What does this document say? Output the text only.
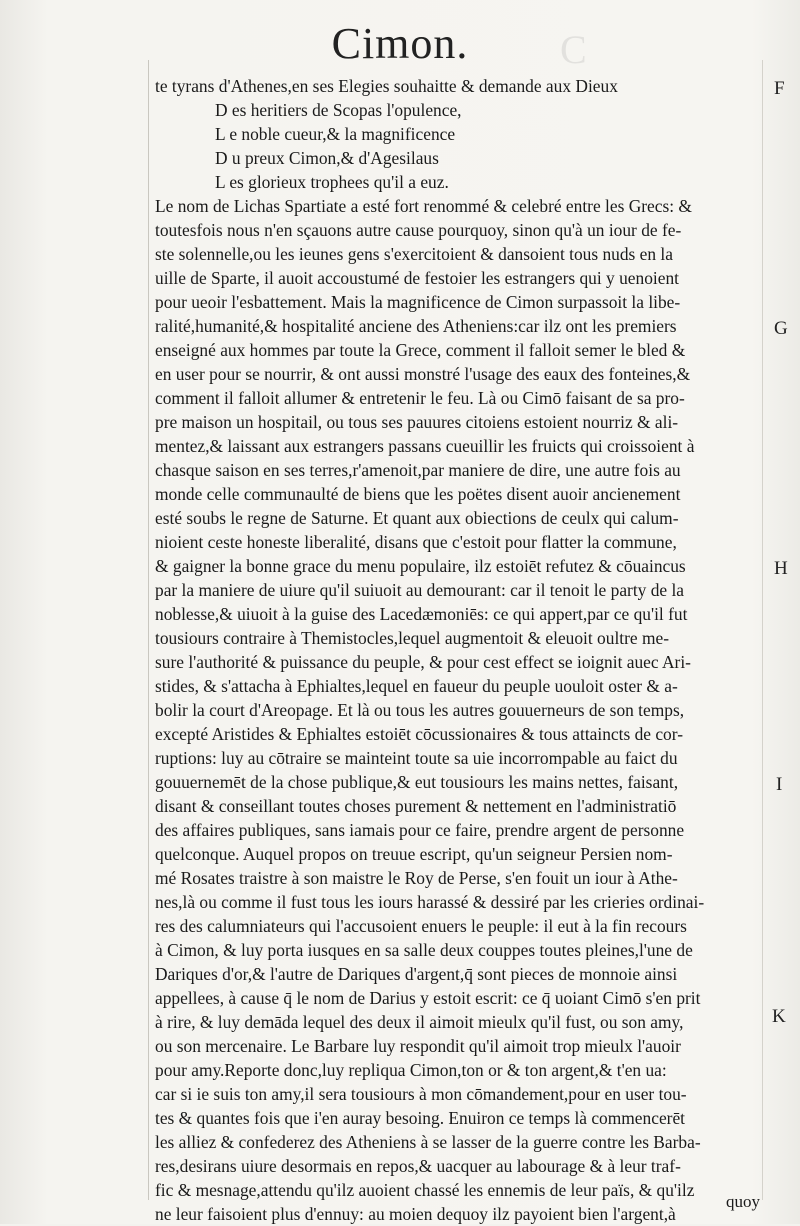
C
Cimon.
te tyrans d'Athenes,en ses Elegies souhaitte & demande aux Dieux
D es heritiers de Scopas l'opulence,
L e noble cueur,& la magnificence
D u preux Cimon,& d'Agesilaus
L es glorieux trophees qu'il a euz.
Le nom de Lichas Spartiate a esté fort renommé & celebré entre les Grecs: &
toutesfois nous n'en sçauons autre cause pourquoy, sinon qu'à un iour de fe-
ste solennelle,ou les ieunes gens s'exercitoient & dansoient tous nuds en la
uille de Sparte, il auoit accoustumé de festoier les estrangers qui y uenoient
pour ueoir l'esbattement. Mais la magnificence de Cimon surpassoit la libe-
ralité,humanité,& hospitalité anciene des Atheniens:car ilz ont les premiers
enseigné aux hommes par toute la Grece, comment il falloit semer le bled &
en user pour se nourrir, & ont aussi monstré l'usage des eaux des fonteines,&
comment il falloit allumer & entretenir le feu. Là ou Cimō faisant de sa pro-
pre maison un hospitail, ou tous ses pauures citoiens estoient nourriz & ali-
mentez,& laissant aux estrangers passans cueuillir les fruicts qui croissoient à
chasque saison en ses terres,r'amenoit,par maniere de dire, une autre fois au
monde celle communaulté de biens que les poëtes disent auoir ancienement
esté soubs le regne de Saturne. Et quant aux obiections de ceulx qui calum-
nioient ceste honeste liberalité, disans que c'estoit pour flatter la commune,
& gaigner la bonne grace du menu populaire, ilz estoiēt refutez & cōuaincus
par la maniere de uiure qu'il suiuoit au demourant: car il tenoit le party de la
noblesse,& uiuoit à la guise des Lacedæmoniēs: ce qui appert,par ce qu'il fut
tousiours contraire à Themistocles,lequel augmentoit & eleuoit oultre me-
sure l'authorité & puissance du peuple, & pour cest effect se ioignit auec Ari-
stides, & s'attacha à Ephialtes,lequel en faueur du peuple uouloit oster & a-
bolir la court d'Areopage. Et là ou tous les autres gouuerneurs de son temps,
excepté Aristides & Ephialtes estoiēt cōcussionaires & tous attaincts de cor-
ruptions: luy au cōtraire se mainteint toute sa uie incorrompable au faict du
gouuernemēt de la chose publique,& eut tousiours les mains nettes, faisant,
disant & conseillant toutes choses purement & nettement en l'administratiō
des affaires publiques, sans iamais pour ce faire, prendre argent de personne
quelconque. Auquel propos on treuue escript, qu'un seigneur Persien nom-
mé Rosates traistre à son maistre le Roy de Perse, s'en fouit un iour à Athe-
nes,là ou comme il fust tous les iours harassé & dessiré par les crieries ordinai-
res des calumniateurs qui l'accusoient enuers le peuple: il eut à la fin recours
à Cimon, & luy porta iusques en sa salle deux couppes toutes pleines,l'une de
Dariques d'or,& l'autre de Dariques d'argent,q̄ sont pieces de monnoie ainsi
appellees, à cause q̄ le nom de Darius y estoit escrit: ce q̄ uoiant Cimō s'en prit
à rire, & luy demāda lequel des deux il aimoit mieulx qu'il fust, ou son amy,
ou son mercenaire. Le Barbare luy respondit qu'il aimoit trop mieulx l'auoir
pour amy.Reporte donc,luy repliqua Cimon,ton or & ton argent,& t'en ua:
car si ie suis ton amy,il sera tousiours à mon cōmandement,pour en user tou-
tes & quantes fois que i'en auray besoing. Enuiron ce temps là commencerēt
les alliez & confederez des Atheniens à se lasser de la guerre contre les Barba-
res,desirans uiure desormais en repos,& uacquer au labourage & à leur traf-
fic & mesnage,attendu qu'ilz auoient chassé les ennemis de leur païs, & qu'ilz
ne leur faisoient plus d'ennuy: au moien dequoy ilz payoient bien l'argent,à
F
G
H
I
K
quoy
